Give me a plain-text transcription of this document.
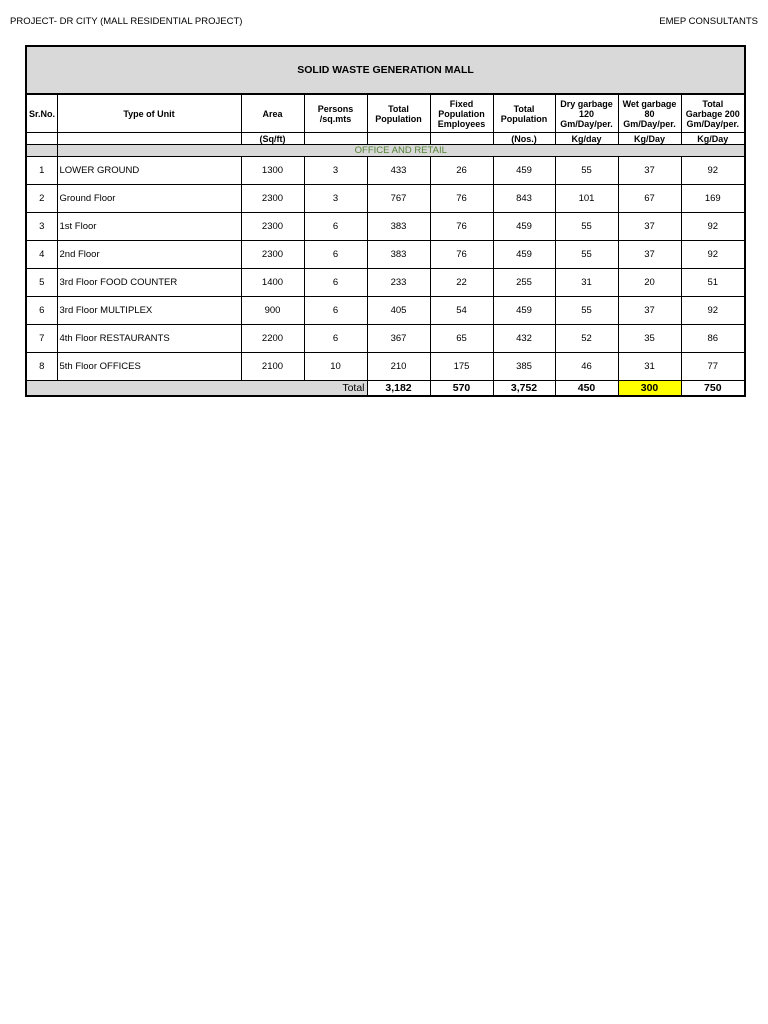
PROJECT- DR CITY (MALL RESIDENTIAL PROJECT)	EMEP CONSULTANTS
SOLID WASTE GENERATION MALL									
Sr.No.	Type of Unit	Area	Persons /sq.mts	Total Population	Fixed Population Employees	Total Population	Dry garbage 120 Gm/Day/per.	Wet garbage 80 Gm/Day/per.	Total Garbage 200 Gm/Day/per.
		(Sq/ft)				(Nos.)	Kg/day	Kg/Day	Kg/Day
	OFFICE AND RETAIL								
1	LOWER GROUND	1300	3	433	26	459	55	37	92
2	Ground Floor	2300	3	767	76	843	101	67	169
3	1st Floor	2300	6	383	76	459	55	37	92
4	2nd Floor	2300	6	383	76	459	55	37	92
5	3rd Floor FOOD COUNTER	1400	6	233	22	255	31	20	51
6	3rd Floor MULTIPLEX	900	6	405	54	459	55	37	92
7	4th Floor RESTAURANTS	2200	6	367	65	432	52	35	86
8	5th Floor OFFICES	2100	10	210	175	385	46	31	77
Total				3,182	570	3,752	450	300	750
